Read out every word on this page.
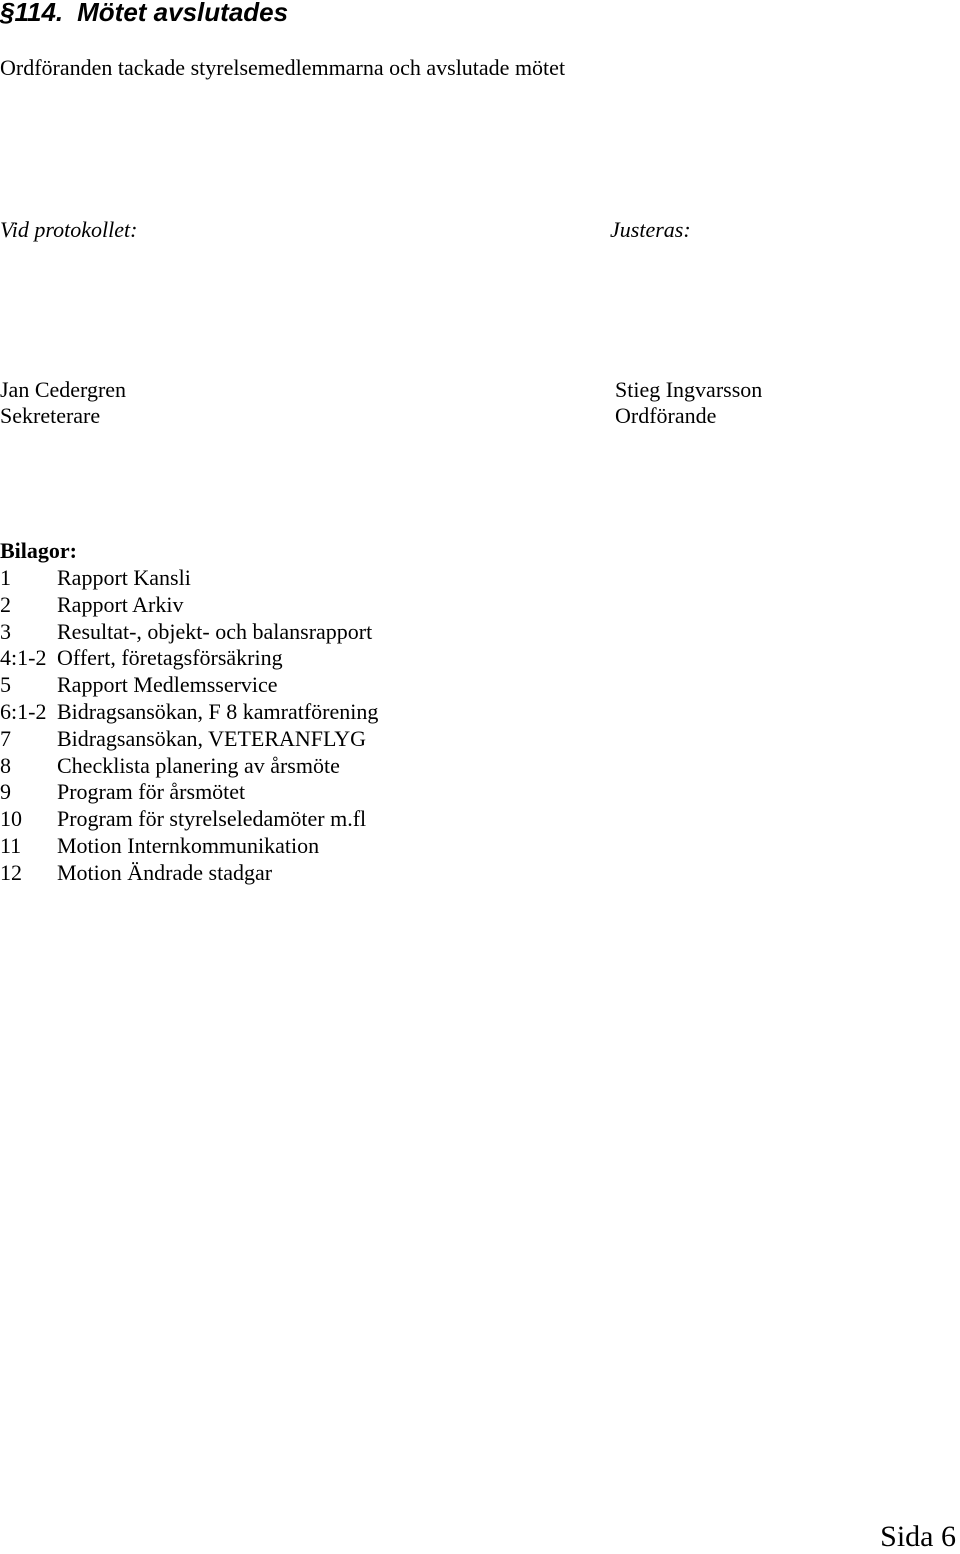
§114. Mötet avslutades
Ordföranden tackade styrelsemedlemmarna och avslutade mötet
Vid protokollet:	Justeras:
Jan Cedergren
Sekreterare
Stieg Ingvarsson
Ordförande
Bilagor:
1 Rapport Kansli
2 Rapport Arkiv
3 Resultat-, objekt- och balansrapport
4:1-2 Offert, företagsförsäkring
5 Rapport Medlemsservice
6:1-2 Bidragsansökan, F 8 kamratförening
7 Bidragsansökan, VETERANFLYG
8 Checklista planering av årsmöte
9 Program för årsmötet
10 Program för styrelseledamöter m.fl
11 Motion Internkommunikation
12 Motion Ändrade stadgar
Sida 6
